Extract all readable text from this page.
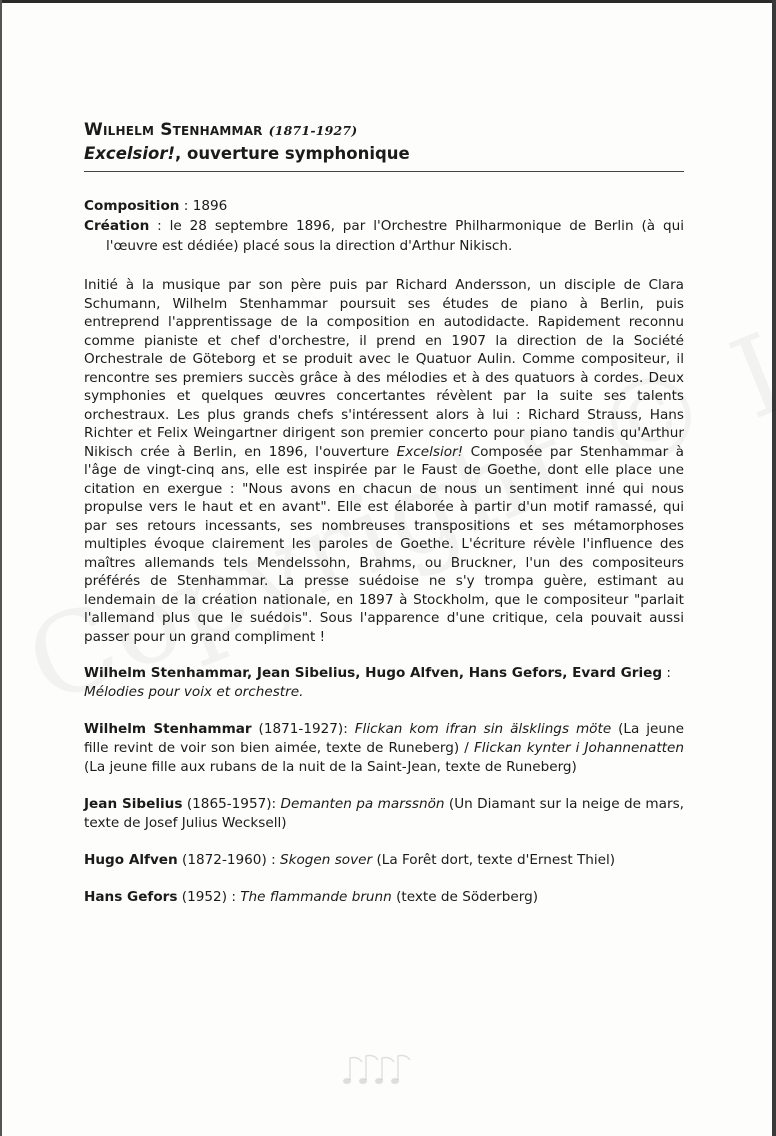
Wilhelm Stenhammar (1871-1927)
Excelsior!, ouverture symphonique
Composition : 1896
Création : le 28 septembre 1896, par l'Orchestre Philharmonique de Berlin (à qui l'œuvre est dédiée) placé sous la direction d'Arthur Nikisch.
Initié à la musique par son père puis par Richard Andersson, un disciple de Clara Schumann, Wilhelm Stenhammar poursuit ses études de piano à Berlin, puis entreprend l'apprentissage de la composition en autodidacte. Rapidement reconnu comme pianiste et chef d'orchestre, il prend en 1907 la direction de la Société Orchestrale de Göteborg et se produit avec le Quatuor Aulin. Comme compositeur, il rencontre ses premiers succès grâce à des mélodies et à des quatuors à cordes. Deux symphonies et quelques œuvres concertantes révèlent par la suite ses talents orchestraux. Les plus grands chefs s'intéressent alors à lui : Richard Strauss, Hans Richter et Felix Weingartner dirigent son premier concerto pour piano tandis qu'Arthur Nikisch crée à Berlin, en 1896, l'ouverture Excelsior! Composée par Stenhammar à l'âge de vingt-cinq ans, elle est inspirée par le Faust de Goethe, dont elle place une citation en exergue : "Nous avons en chacun de nous un sentiment inné qui nous propulse vers le haut et en avant". Elle est élaborée à partir d'un motif ramassé, qui par ses retours incessants, ses nombreuses transpositions et ses métamorphoses multiples évoque clairement les paroles de Goethe. L'écriture révèle l'influence des maîtres allemands tels Mendelssohn, Brahms, ou Bruckner, l'un des compositeurs préférés de Stenhammar. La presse suédoise ne s'y trompa guère, estimant au lendemain de la création nationale, en 1897 à Stockholm, que le compositeur "parlait l'allemand plus que le suédois". Sous l'apparence d'une critique, cela pouvait aussi passer pour un grand compliment !
Wilhelm Stenhammar, Jean Sibelius, Hugo Alfven, Hans Gefors, Evard Grieg :
Mélodies pour voix et orchestre.
Wilhelm Stenhammar (1871-1927): Flickan kom ifran sin älsklings möte (La jeune fille revint de voir son bien aimée, texte de Runeberg) / Flickan kynter i Johannenatten (La jeune fille aux rubans de la nuit de la Saint-Jean, texte de Runeberg)
Jean Sibelius (1865-1957): Demanten pa marssnön (Un Diamant sur la neige de mars, texte de Josef Julius Wecksell)
Hugo Alfven (1872-1960) : Skogen sover (La Forêt dort, texte d'Ernest Thiel)
Hans Gefors (1952) : The flammande brunn (texte de Söderberg)
